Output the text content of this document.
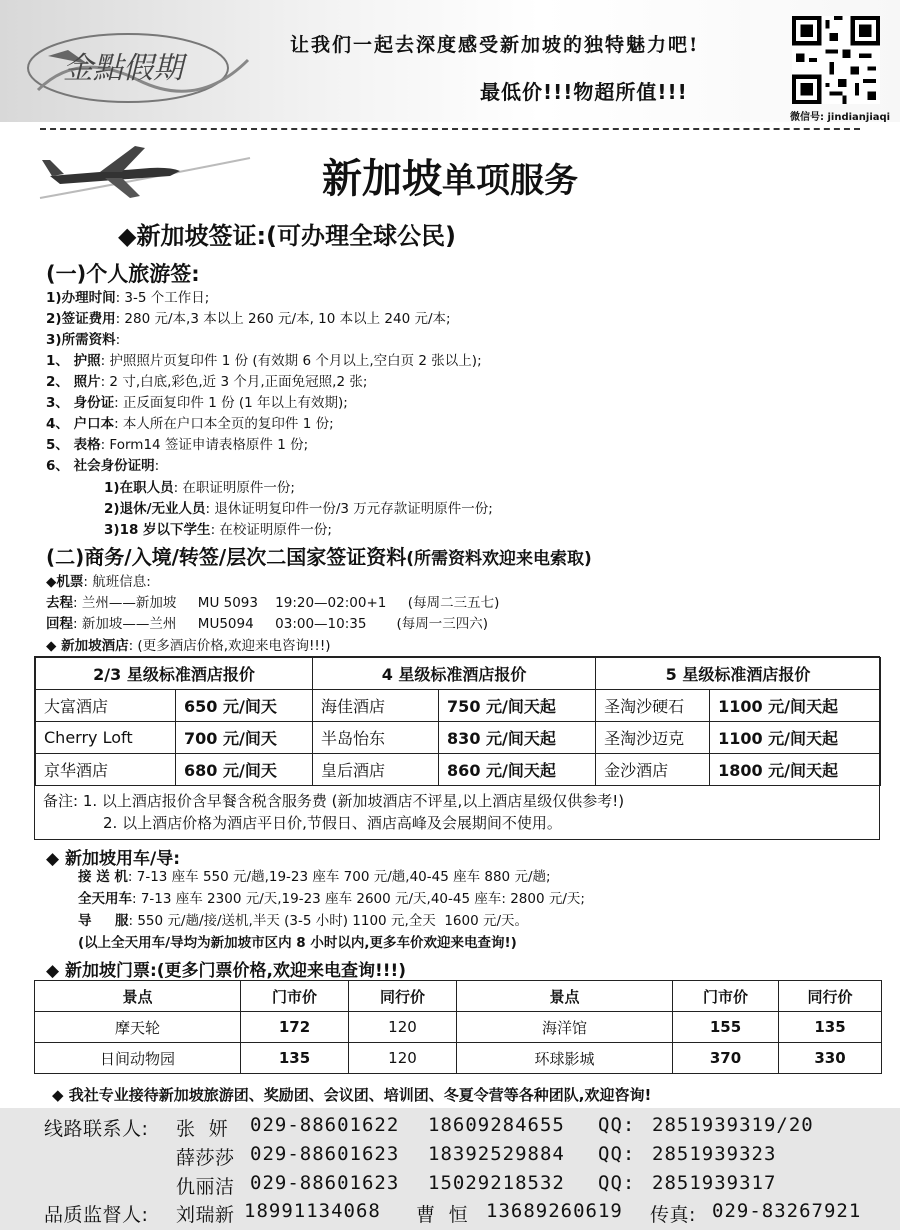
金點假期
让我们一起去深度感受新加坡的独特魅力吧!
最低价!!!物超所值!!!
微信号: jindianjiaqi
新加坡单项服务
◆新加坡签证:(可办理全球公民)
(一)个人旅游签:
1)办理时间: 3-5 个工作日;
2)签证费用: 280 元/本,3 本以上 260 元/本, 10 本以上 240 元/本;
3)所需资料:
1、 护照: 护照照片页复印件 1 份 (有效期 6 个月以上,空白页 2 张以上);
2、 照片: 2 寸,白底,彩色,近 3 个月,正面免冠照,2 张;
3、 身份证: 正反面复印件 1 份 (1 年以上有效期);
4、 户口本: 本人所在户口本全页的复印件 1 份;
5、 表格: Form14 签证申请表格原件 1 份;
6、 社会身份证明:
1)在职人员: 在职证明原件一份;
2)退休/无业人员: 退休证明复印件一份/3 万元存款证明原件一份;
3)18 岁以下学生: 在校证明原件一份;
(二)商务/入境/转签/层次二国家签证资料(所需资料欢迎来电索取)
◆机票: 航班信息:
去程: 兰州——新加坡     MU 5093    19:20—02:00+1     (每周二三五七)
回程: 新加坡——兰州     MU5094     03:00—10:35       (每周一三四六)
◆ 新加坡酒店: (更多酒店价格,欢迎来电咨询!!!)
2/3 星级标准酒店报价		4 星级标准酒店报价		5 星级标准酒店报价	
大富酒店	650 元/间天	海佳酒店	750 元/间天起	圣淘沙硬石	1100 元/间天起
Cherry Loft	700 元/间天	半岛怡东	830 元/间天起	圣淘沙迈克	1100 元/间天起
京华酒店	680 元/间天	皇后酒店	860 元/间天起	金沙酒店	1800 元/间天起
备注: 1. 以上酒店报价含早餐含税含服务费 (新加坡酒店不评星,以上酒店星级仅供参考!)
2. 以上酒店价格为酒店平日价,节假日、酒店高峰及会展期间不使用。
◆ 新加坡用车/导:
接 送 机: 7-13 座车 550 元/趟,19-23 座车 700 元/趟,40-45 座车 880 元/趟;
全天用车: 7-13 座车 2300 元/天,19-23 座车 2600 元/天,40-45 座车: 2800 元/天;
导     服: 550 元/趟/接/送机,半天 (3-5 小时) 1100 元,全天  1600 元/天。
(以上全天用车/导均为新加坡市区内 8 小时以内,更多车价欢迎来电查询!)
◆ 新加坡门票:(更多门票价格,欢迎来电查询!!!)
景点	门市价	同行价	景点	门市价	同行价
摩天轮	172	120	海洋馆	155	135
日间动物园	135	120	环球影城	370	330
◆ 我社专业接待新加坡旅游团、奖励团、会议团、培训团、冬夏令营等各种团队,欢迎咨询!
线路联系人: 张  妍 029-88601622 18609284655 QQ: 2851939319/20
薛莎莎 029-88601623 18392529884 QQ: 2851939323
仇丽洁 029-88601623 15029218532 QQ: 2851939317
品质监督人: 刘瑞新 18991134068 曹  恒 13689260619 传真: 029-83267921
